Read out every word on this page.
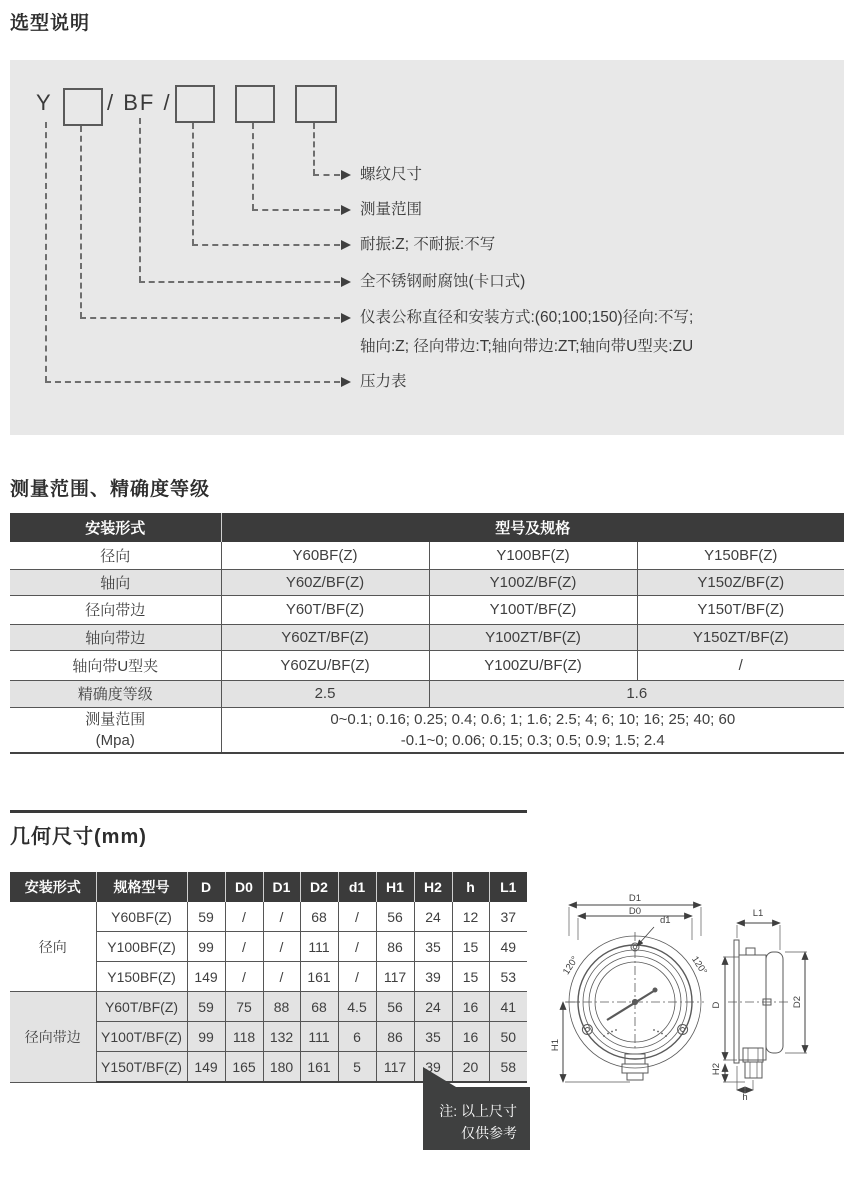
选型说明
Y	/ BF /
螺纹尺寸
测量范围
耐振:Z; 不耐振:不写
全不锈钢耐腐蚀(卡口式)
仪表公称直径和安装方式:(60;100;150)径向:不写;
轴向:Z; 径向带边:T;轴向带边:ZT;轴向带U型夹:ZU
压力表
测量范围、精确度等级
安装形式	型号及规格		
径向	Y60BF(Z)	Y100BF(Z)	Y150BF(Z)
轴向	Y60Z/BF(Z)	Y100Z/BF(Z)	Y150Z/BF(Z)
径向带边	Y60T/BF(Z)	Y100T/BF(Z)	Y150T/BF(Z)
轴向带边	Y60ZT/BF(Z)	Y100ZT/BF(Z)	Y150ZT/BF(Z)
轴向带U型夹	Y60ZU/BF(Z)	Y100ZU/BF(Z)	/
精确度等级	2.5	1.6	

测量范围
(Mpa)

0~0.1; 0.16; 0.25; 0.4; 0.6; 1; 1.6; 2.5; 4; 6; 10; 16; 25; 40; 60
-0.1~0; 0.06; 0.15; 0.3; 0.5; 0.9; 1.5; 2.4
几何尺寸(mm)
安装形式	规格型号	D	D0	D1	D2	d1	H1	H2	h	L1
径向	Y60BF(Z)	59	/	/	68	/	56	24	12	37
	Y100BF(Z)	99	/	/	111	/	86	35	15	49
	Y150BF(Z)	149	/	/	161	/	117	39	15	53
径向带边	Y60T/BF(Z)	59	75	88	68	4.5	56	24	16	41
	Y100T/BF(Z)	99	118	132	111	6	86	35	16	50
	Y150T/BF(Z)	149	165	180	161	5	117	39	20	58
注: 以上尺寸
仅供参考
D1
D0
d1
120°	120°
H1
L1
D	D2
H2
h
